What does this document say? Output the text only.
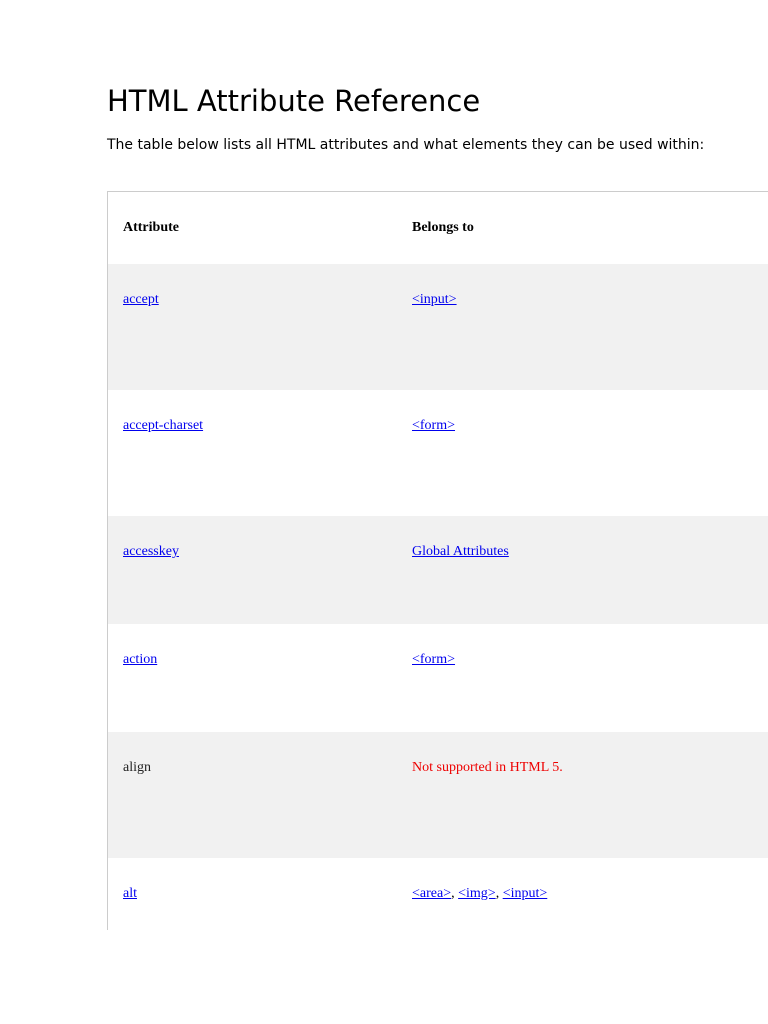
HTML Attribute Reference

The table below lists all HTML attributes and what elements they can be used within:

Attribute	Belongs to
accept	<input>
accept-charset	<form>
accesskey	Global Attributes
action	<form>
align	Not supported in HTML 5.
alt	<area>, <img>, <input>
